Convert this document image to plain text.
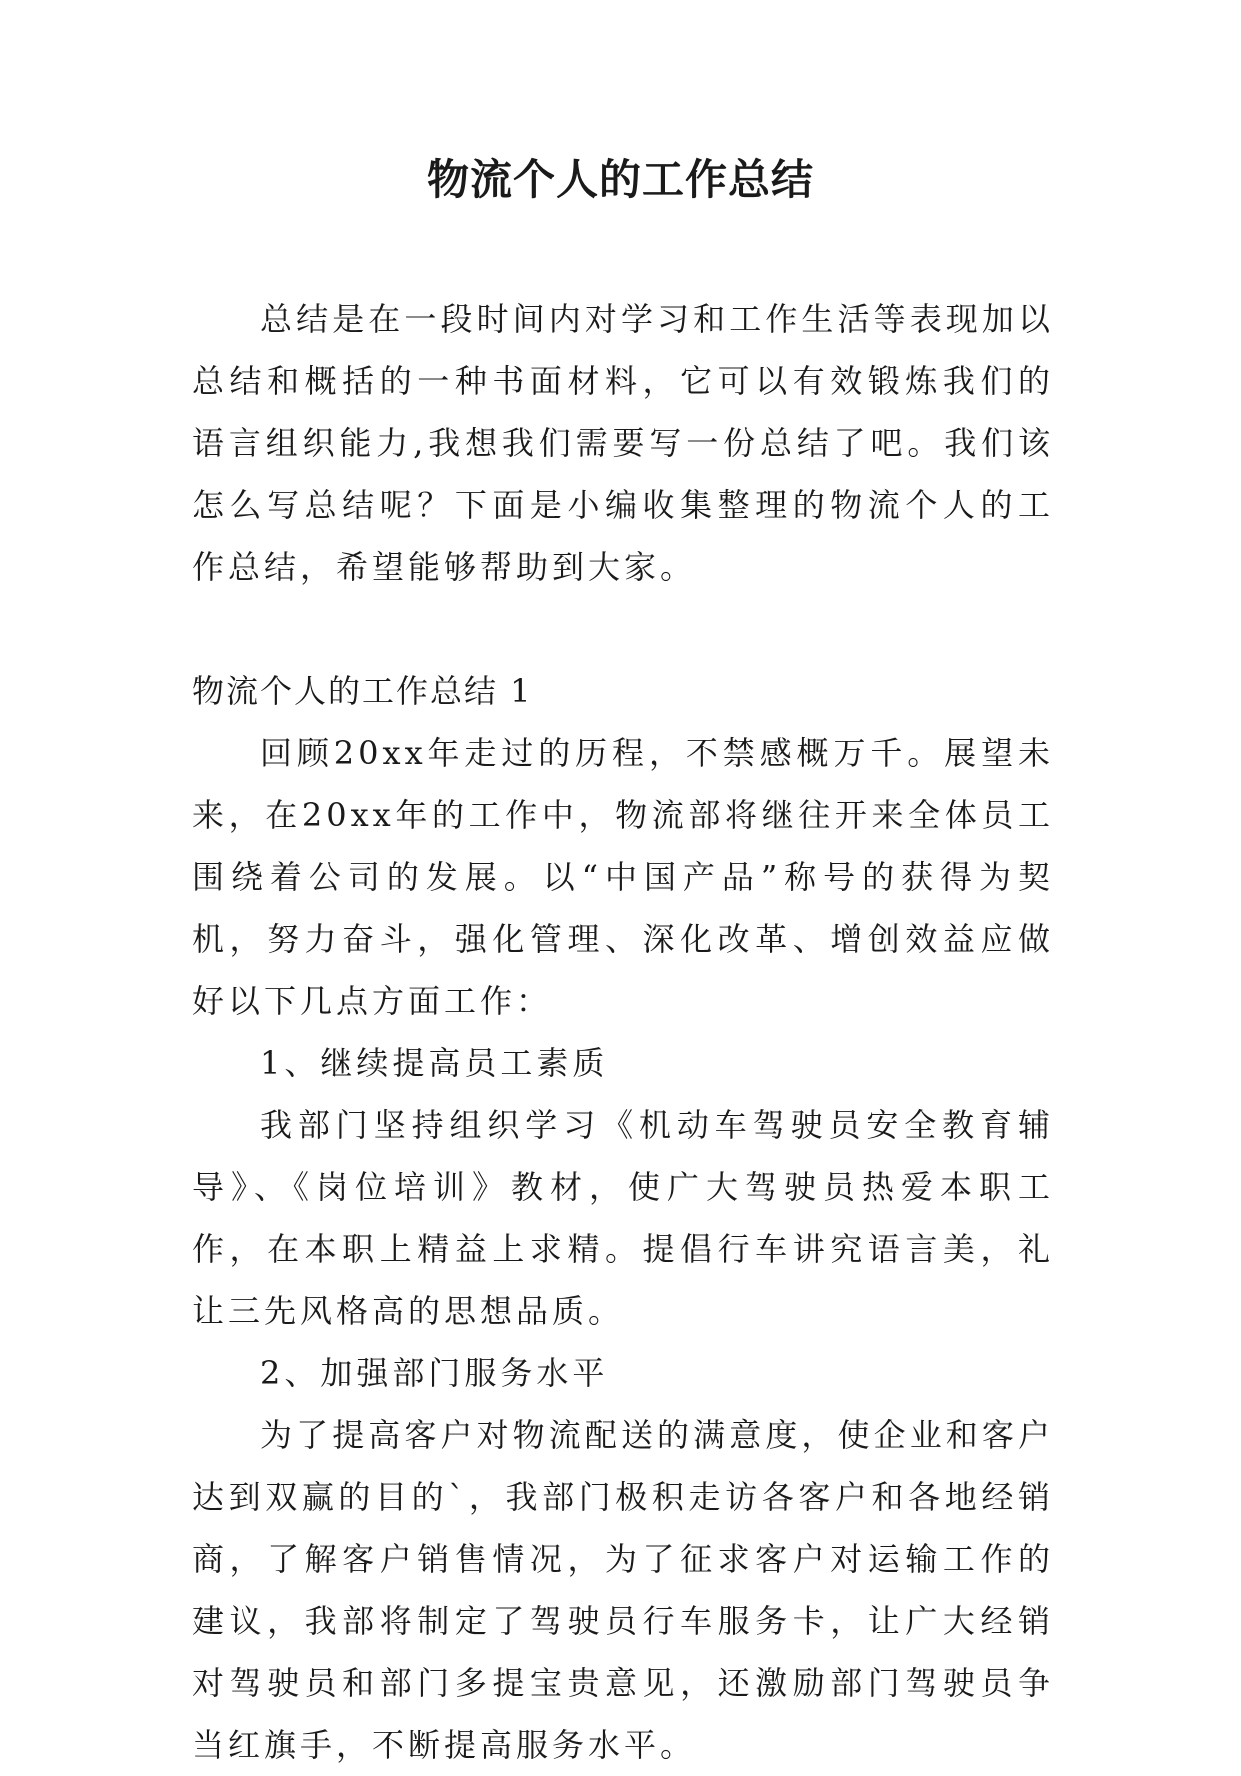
物流个人的工作总结

总结是在一段时间内对学习和工作生活等表现加以总结和概括的一种书面材料，它可以有效锻炼我们的语言组织能力,我想我们需要写一份总结了吧。我们该怎么写总结呢？下面是小编收集整理的物流个人的工作总结，希望能够帮助到大家。

物流个人的工作总结 1

回顾20xx年走过的历程，不禁感概万千。展望未来，在20xx年的工作中，物流部将继往开来全体员工围绕着公司的发展。以“中国产品”称号的获得为契机，努力奋斗，强化管理、深化改革、增创效益应做好以下几点方面工作：

1、继续提高员工素质

我部门坚持组织学习《机动车驾驶员安全教育辅导》、《岗位培训》教材，使广大驾驶员热爱本职工作，在本职上精益上求精。提倡行车讲究语言美，礼让三先风格高的思想品质。

2、加强部门服务水平

为了提高客户对物流配送的满意度，使企业和客户达到双赢的目的`，我部门极积走访各客户和各地经销商，了解客户销售情况，为了征求客户对运输工作的建议，我部将制定了驾驶员行车服务卡，让广大经销对驾驶员和部门多提宝贵意见，还激励部门驾驶员争当红旗手，不断提高服务水平。
